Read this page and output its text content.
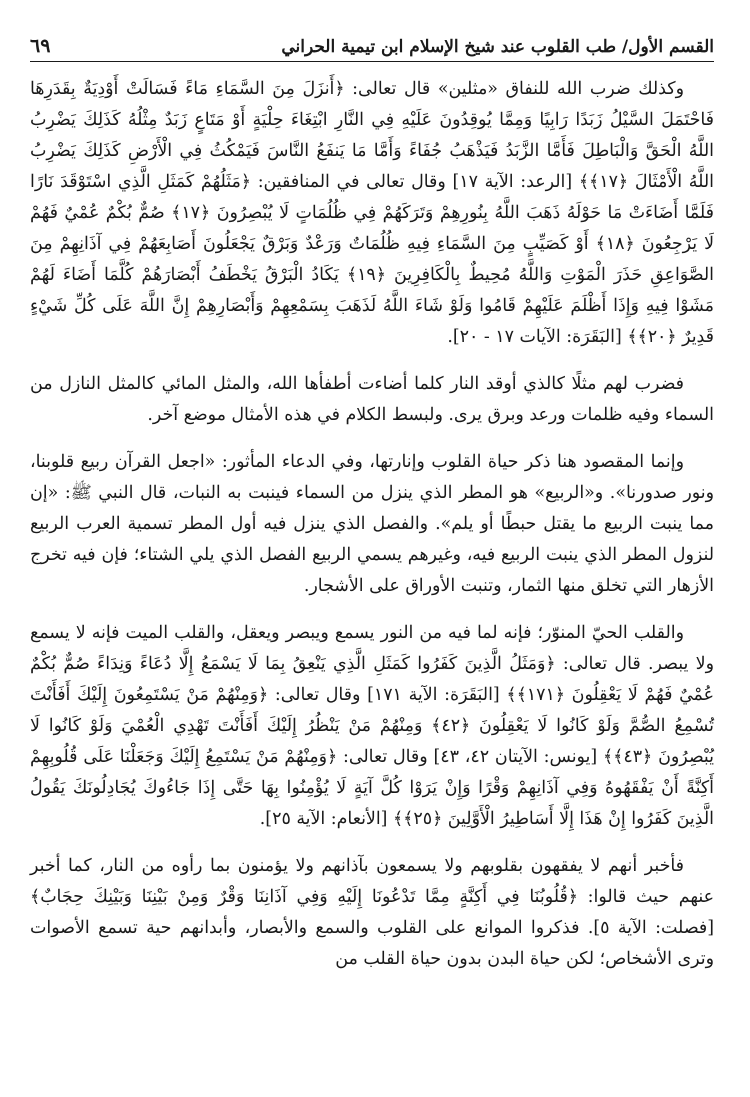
القسم الأول/ طب القلوب عند شيخ الإسلام ابن تيمية الحراني
٦٩

وكذلك ضرب الله للنفاق «مثلين» قال تعالى: ﴿أَنزَلَ مِنَ السَّمَاءِ مَاءً فَسَالَتْ أَوْدِيَةٌ بِقَدَرِهَا فَاحْتَمَلَ السَّيْلُ زَبَدًا رَابِيًا وَمِمَّا يُوقِدُونَ عَلَيْهِ فِي النَّارِ ابْتِغَاءَ حِلْيَةٍ أَوْ مَتَاعٍ زَبَدٌ مِثْلُهُ كَذَلِكَ يَضْرِبُ اللَّهُ الْحَقَّ وَالْبَاطِلَ فَأَمَّا الزَّبَدُ فَيَذْهَبُ جُفَاءً وَأَمَّا مَا يَنفَعُ النَّاسَ فَيَمْكُثُ فِي الْأَرْضِ كَذَلِكَ يَضْرِبُ اللَّهُ الْأَمْثَالَ ﴿١٧﴾﴾ [الرعد: الآية ١٧] وقال تعالى في المنافقين: ﴿مَثَلُهُمْ كَمَثَلِ الَّذِي اسْتَوْقَدَ نَارًا فَلَمَّا أَضَاءَتْ مَا حَوْلَهُ ذَهَبَ اللَّهُ بِنُورِهِمْ وَتَرَكَهُمْ فِي ظُلُمَاتٍ لَا يُبْصِرُونَ ﴿١٧﴾ صُمٌّ بُكْمٌ عُمْيٌ فَهُمْ لَا يَرْجِعُونَ ﴿١٨﴾ أَوْ كَصَيِّبٍ مِنَ السَّمَاءِ فِيهِ ظُلُمَاتٌ وَرَعْدٌ وَبَرْقٌ يَجْعَلُونَ أَصَابِعَهُمْ فِي آذَانِهِمْ مِنَ الصَّوَاعِقِ حَذَرَ الْمَوْتِ وَاللَّهُ مُحِيطٌ بِالْكَافِرِينَ ﴿١٩﴾ يَكَادُ الْبَرْقُ يَخْطَفُ أَبْصَارَهُمْ كُلَّمَا أَضَاءَ لَهُمْ مَشَوْا فِيهِ وَإِذَا أَظْلَمَ عَلَيْهِمْ قَامُوا وَلَوْ شَاءَ اللَّهُ لَذَهَبَ بِسَمْعِهِمْ وَأَبْصَارِهِمْ إِنَّ اللَّهَ عَلَى كُلِّ شَيْءٍ قَدِيرٌ ﴿٢٠﴾﴾ [البَقَرَة: الآيات ١٧ - ٢٠].

فضرب لهم مثلًا كالذي أوقد النار كلما أضاءت أطفأها الله، والمثل المائي كالمثل النازل من السماء وفيه ظلمات ورعد وبرق يرى. ولبسط الكلام في هذه الأمثال موضع آخر.

وإنما المقصود هنا ذكر حياة القلوب وإنارتها، وفي الدعاء المأثور: «اجعل القرآن ربيع قلوبنا، ونور صدورنا». و«الربيع» هو المطر الذي ينزل من السماء فينبت به النبات، قال النبي ﷺ: «إن مما ينبت الربيع ما يقتل حبطًا أو يلم». والفصل الذي ينزل فيه أول المطر تسمية العرب الربيع لنزول المطر الذي ينبت الربيع فيه، وغيرهم يسمي الربيع الفصل الذي يلي الشتاء؛ فإن فيه تخرج الأزهار التي تخلق منها الثمار، وتنبت الأوراق على الأشجار.

والقلب الحيّ المنوّر؛ فإنه لما فيه من النور يسمع ويبصر ويعقل، والقلب الميت فإنه لا يسمع ولا يبصر. قال تعالى: ﴿وَمَثَلُ الَّذِينَ كَفَرُوا كَمَثَلِ الَّذِي يَنْعِقُ بِمَا لَا يَسْمَعُ إِلَّا دُعَاءً وَنِدَاءً صُمٌّ بُكْمٌ عُمْيٌ فَهُمْ لَا يَعْقِلُونَ ﴿١٧١﴾﴾ [البَقَرَة: الآية ١٧١] وقال تعالى: ﴿وَمِنْهُمْ مَنْ يَسْتَمِعُونَ إِلَيْكَ أَفَأَنْتَ تُسْمِعُ الصُّمَّ وَلَوْ كَانُوا لَا يَعْقِلُونَ ﴿٤٢﴾ وَمِنْهُمْ مَنْ يَنْظُرُ إِلَيْكَ أَفَأَنْتَ تَهْدِي الْعُمْيَ وَلَوْ كَانُوا لَا يُبْصِرُونَ ﴿٤٣﴾﴾ [يونس: الآيتان ٤٢، ٤٣] وقال تعالى: ﴿وَمِنْهُمْ مَنْ يَسْتَمِعُ إِلَيْكَ وَجَعَلْنَا عَلَى قُلُوبِهِمْ أَكِنَّةً أَنْ يَفْقَهُوهُ وَفِي آذَانِهِمْ وَقْرًا وَإِنْ يَرَوْا كُلَّ آيَةٍ لَا يُؤْمِنُوا بِهَا حَتَّى إِذَا جَاءُوكَ يُجَادِلُونَكَ يَقُولُ الَّذِينَ كَفَرُوا إِنْ هَذَا إِلَّا أَسَاطِيرُ الْأَوَّلِينَ ﴿٢٥﴾﴾ [الأنعام: الآية ٢٥].

فأخبر أنهم لا يفقهون بقلوبهم ولا يسمعون بآذانهم ولا يؤمنون بما رأوه من النار، كما أخبر عنهم حيث قالوا: ﴿قُلُوبُنَا فِي أَكِنَّةٍ مِمَّا تَدْعُونَا إِلَيْهِ وَفِي آذَانِنَا وَقْرٌ وَمِنْ بَيْنِنَا وَبَيْنِكَ حِجَابٌ﴾ [فصلت: الآية ٥]. فذكروا الموانع على القلوب والسمع والأبصار، وأبدانهم حية تسمع الأصوات وترى الأشخاص؛ لكن حياة البدن بدون حياة القلب من
